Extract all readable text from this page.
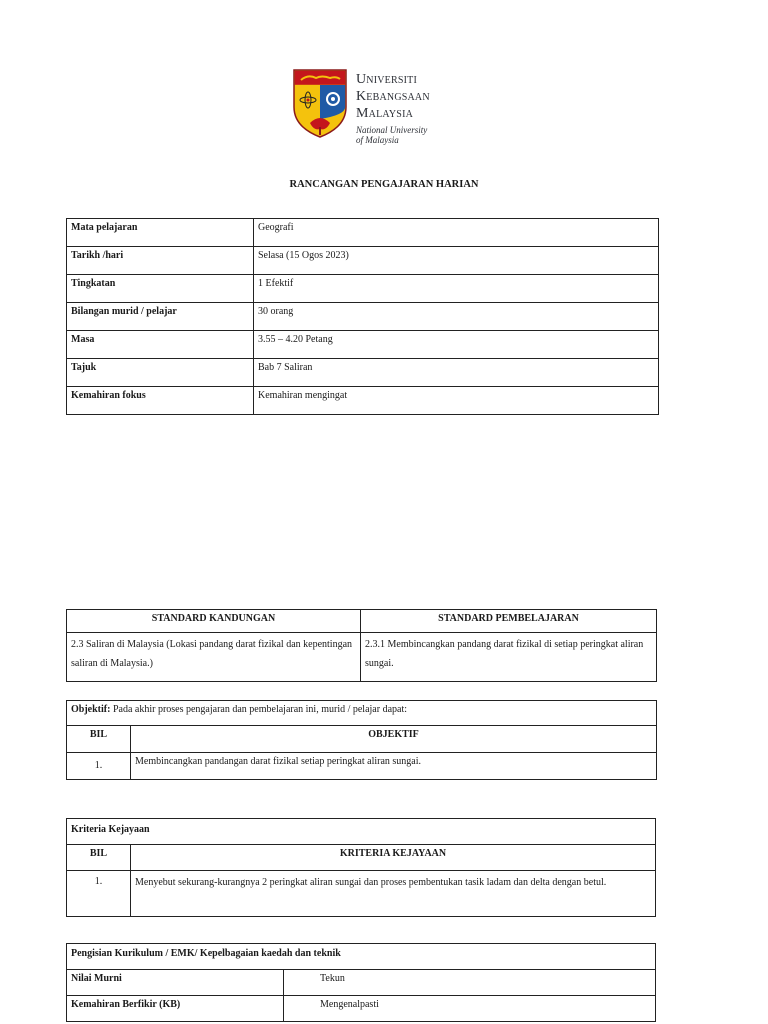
Universiti
Kebangsaan
Malaysia
National University
of Malaysia
RANCANGAN PENGAJARAN HARIAN
Mata pelajaran	Geografi
Tarikh /hari	Selasa (15 Ogos 2023)
Tingkatan	1 Efektif
Bilangan murid / pelajar	30 orang
Masa	3.55 – 4.20 Petang
Tajuk	Bab 7 Saliran
Kemahiran fokus	Kemahiran mengingat
STANDARD KANDUNGAN	STANDARD PEMBELAJARAN
2.3 Saliran di Malaysia (Lokasi pandang darat fizikal dan kepentingan saliran di Malaysia.)	2.3.1 Membincangkan pandang darat fizikal di setiap peringkat aliran sungai.
Objektif: Pada akhir proses pengajaran dan pembelajaran ini, murid / pelajar dapat:	
BIL	OBJEKTIF
1.	Membincangkan pandangan darat fizikal setiap peringkat aliran sungai.
Kriteria Kejayaan	
BIL	KRITERIA KEJAYAAN
1.	Menyebut sekurang-kurangnya 2 peringkat aliran sungai dan proses pembentukan tasik ladam dan delta dengan betul.
Pengisian Kurikulum / EMK/ Kepelbagaian kaedah dan teknik	
Nilai Murni	Tekun
Kemahiran Berfikir (KB)	Mengenalpasti
